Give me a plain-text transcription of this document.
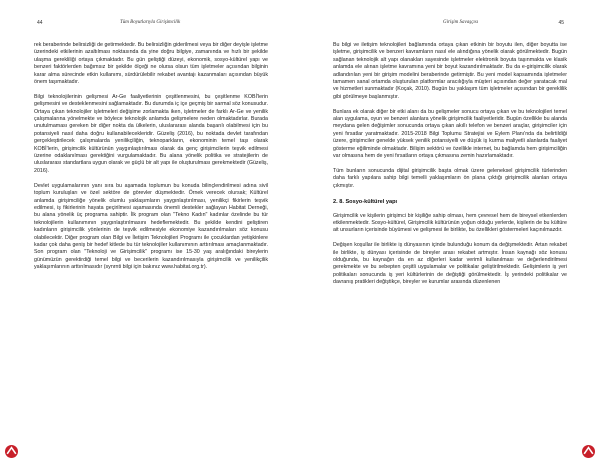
44	Tüm Boyutlarıyla Girişimcilik

rek beraberinde belirsizliği de getirmektedir. Bu belirsizliğin giderilmesi veya bir diğer deyişle işletme üzerindeki etkilerinin azaltılması noktasında da yine doğru bilgiye, zamanında ve hızlı bir şekilde ulaşma gerekliliği ortaya çıkmaktadır. Bu gün geliştiği düzeyi, ekonomik, sosyo-kültürel yapı ve benzeri faktörlerden bağımsız bir şekilde ölçeği ne olursa olsun tüm işletmeler açısından bilginin karar alma sürecinde etkin kullanımı, sürdürülebilir rekabet avantajı kazanmaları açısından büyük önem taşımaktadır.

Bilgi teknolojilerinin gelişmesi Ar-Ge faaliyetlerinin çeşitlenmesini, bu çeşitlenme KOBİ'lerin gelişmesini ve desteklenmesini sağlamaktadır. Bu durumda iç içe geçmiş bir sarmal söz konusudur. Ortaya çıkan teknolojiler işletmeleri değişime zorlamakta iken, işletmeler de farklı Ar-Ge ve yenilik çalışmalarına yönelmekte ve böylece teknolojik anlamda gelişmelere neden olmaktadırlar. Burada unutulmaması gereken bir diğer nokta da ülkelerin, uluslararası alanda başarılı olabilmesi için bu potansiyeli nasıl daha doğru kullanabilecekleridir. Güzeliş (2016), bu noktada devlet tarafından gerçekleştirilecek çalışmalarda yenilikçiliğin, teknoparkların, ekonominin temel taşı olarak KOBİ'lerin, girişimcilik kültürünün yaygınlaştırılması olarak da genç girişimcilerin teşvik edilmesi üzerine odaklanılması gerektiğini vurgulamaktadır. Bu alana yönelik politika ve stratejilerin de uluslararası standartlara uygun olarak ve güçlü bir alt yapı ile oluşturulması gerekmektedir (Güzeliş, 2016).

Devlet uygulamalarının yanı sıra bu aşamada toplumun bu konuda bilinçlendirilmesi adına sivil toplum kuruluşları ve özel sektöre de görevler düşmektedir. Örnek verecek olursak; Kültürel anlamda girişimciliğe yönelik olumlu yaklaşımların yaygınlaştırılması, yenilikçi fikirlerin teşvik edilmesi, iş fikirlerinin hayata geçirilmesi aşamasında önemli destekler sağlayan Habitat Derneği, bu alana yönelik üç programa sahiptir. İlk program olan "Tekno Kadın" kadınlar özelinde bu tür teknolojilerin kullanımının yaygınlaştırılmasını hedeflemektedir. Bu şekilde kendini geliştiren kadınların girişimcilik yönlerinin de teşvik edilmesiyle ekonomiye kazandırılmaları söz konusu olabilecektir. Diğer program olan Bilgi ve İletişim Teknolojileri Programı ile çocuklardan yetişkinlere kadar çok daha geniş bir hedef kitlede bu tür teknolojiler kullanımının arttırılması amaçlanmaktadır. Son program olan "Teknoloji ve Girişimcilik" programı ise 15-30 yaş aralığındaki bireylerin günümüzün gerektirdiği temel bilgi ve becerilerin kazandırılmasıyla girişimcilik ve yenilikçilik yaklaşımlarının arttırılmasıdır (synrnti bilgi için bakınız www.habitat.org.tr).

Girişim Savaşçısı	45

Bu bilgi ve iletişim teknolojileri bağlamında ortaya çıkan etkinin bir boyutu ilen, diğer boyutta ise işletme, girişimcilik ve benzeri kavramların nasıl ele alındığına yönelik olarak görülmektedir. Bugün sağlanan teknolojik alt yapı olanakları sayesinde işletmeler elektronik boyuta taşınmakta ve klasik anlamda ele alınan işletme kavramına yeni bir boyut kazandırılmaktadır. Bu da e-girişimcilik olarak adlandırılan yeni bir girişim modelini beraberinde getirmiştir. Bu yeni model kapsamında işletmeler tamamen sanal ortamda oluşturulan platformlar aracılığıyla müşteri açısından değer yaratacak mal ve hizmetleri sunmaktadır (Koçak, 2010). Bugün bu yaklaşım tüm işletmeler açısından bir gereklilik gibi görülmeye başlanmıştır.

Bunlara ek olarak diğer bir etki alanı da bu gelişmeler sonucu ortaya çıkan ve bu teknolojileri temel alan uygulama, oyun ve benzeri alanlara yönelik girişimcilik faaliyetleridir. Bugün özellikle bu alanda meydana gelen değişimler sonucunda ortaya çıkan akıllı telefon ve benzeri araçlar, girişimciler için yeni fırsatlar yaratmaktadır. 2015-2018 Bilgi Toplumu Stratejisi ve Eylem Planı'nda da belirtildiği üzere, girişimciler genelde yüksek yenilik potansiyelli ve düşük iş kurma maliyetli alanlarda faaliyet gösterme eğiliminde olmaktadır. Bilişim sektörü ve özellikle internet, bu bağlamda hem girişimciliğin var olmasına hem de yeni fırsatların ortaya çıkmasına zemin hazırlamaktadır.

Tüm bunların sonucunda dijital girişimcilik başta olmak üzere geleneksel girişimcilik türlerinden daha farklı yapılara sahip bilgi temelli yaklaşımların ön plana çıktığı girişimcilik alanları ortaya çıkmıştır.

2. 8. Sosyo-kültürel yapı

Girişimcilik ve kişilerin girişimci bir kişiliğe sahip olması, hem çevresel hem de bireysel etkenlerden etkilenmektedir. Sosyo-kültürel, Girişimcilik kültürünün yoğun olduğu yerlerde, kişilerin de bu kültüre ait unsurların içerisinde büyümesi ve gelişmesi ile birlikte, bu özellikleri göstermeleri kaçınılmazdır.

Değişen koşullar ile birlikte iş dünyasının içinde bulunduğu konum da değişmektedir. Artan rekabet ile birlikte, iş dünyası içerisinde de bireyler arası rekabet artmıştır. İnsan kaynağı söz konusu olduğunda, bu kaynağın da en az diğerleri kadar verimli kullanılması ve değerlendirilmesi gerekmekte ve bu sebepten çeşitli uygulamalar ve politikalar geliştirilmektedir. Gelişimlerin iş yeri politikaları sonucunda iş yeri kültürlerinin de değiştiği görülmektedir. İş yerindeki politikalar ve davranış pratikleri değiştikçe, bireyler ve kurumlar arasında düzenlenen
